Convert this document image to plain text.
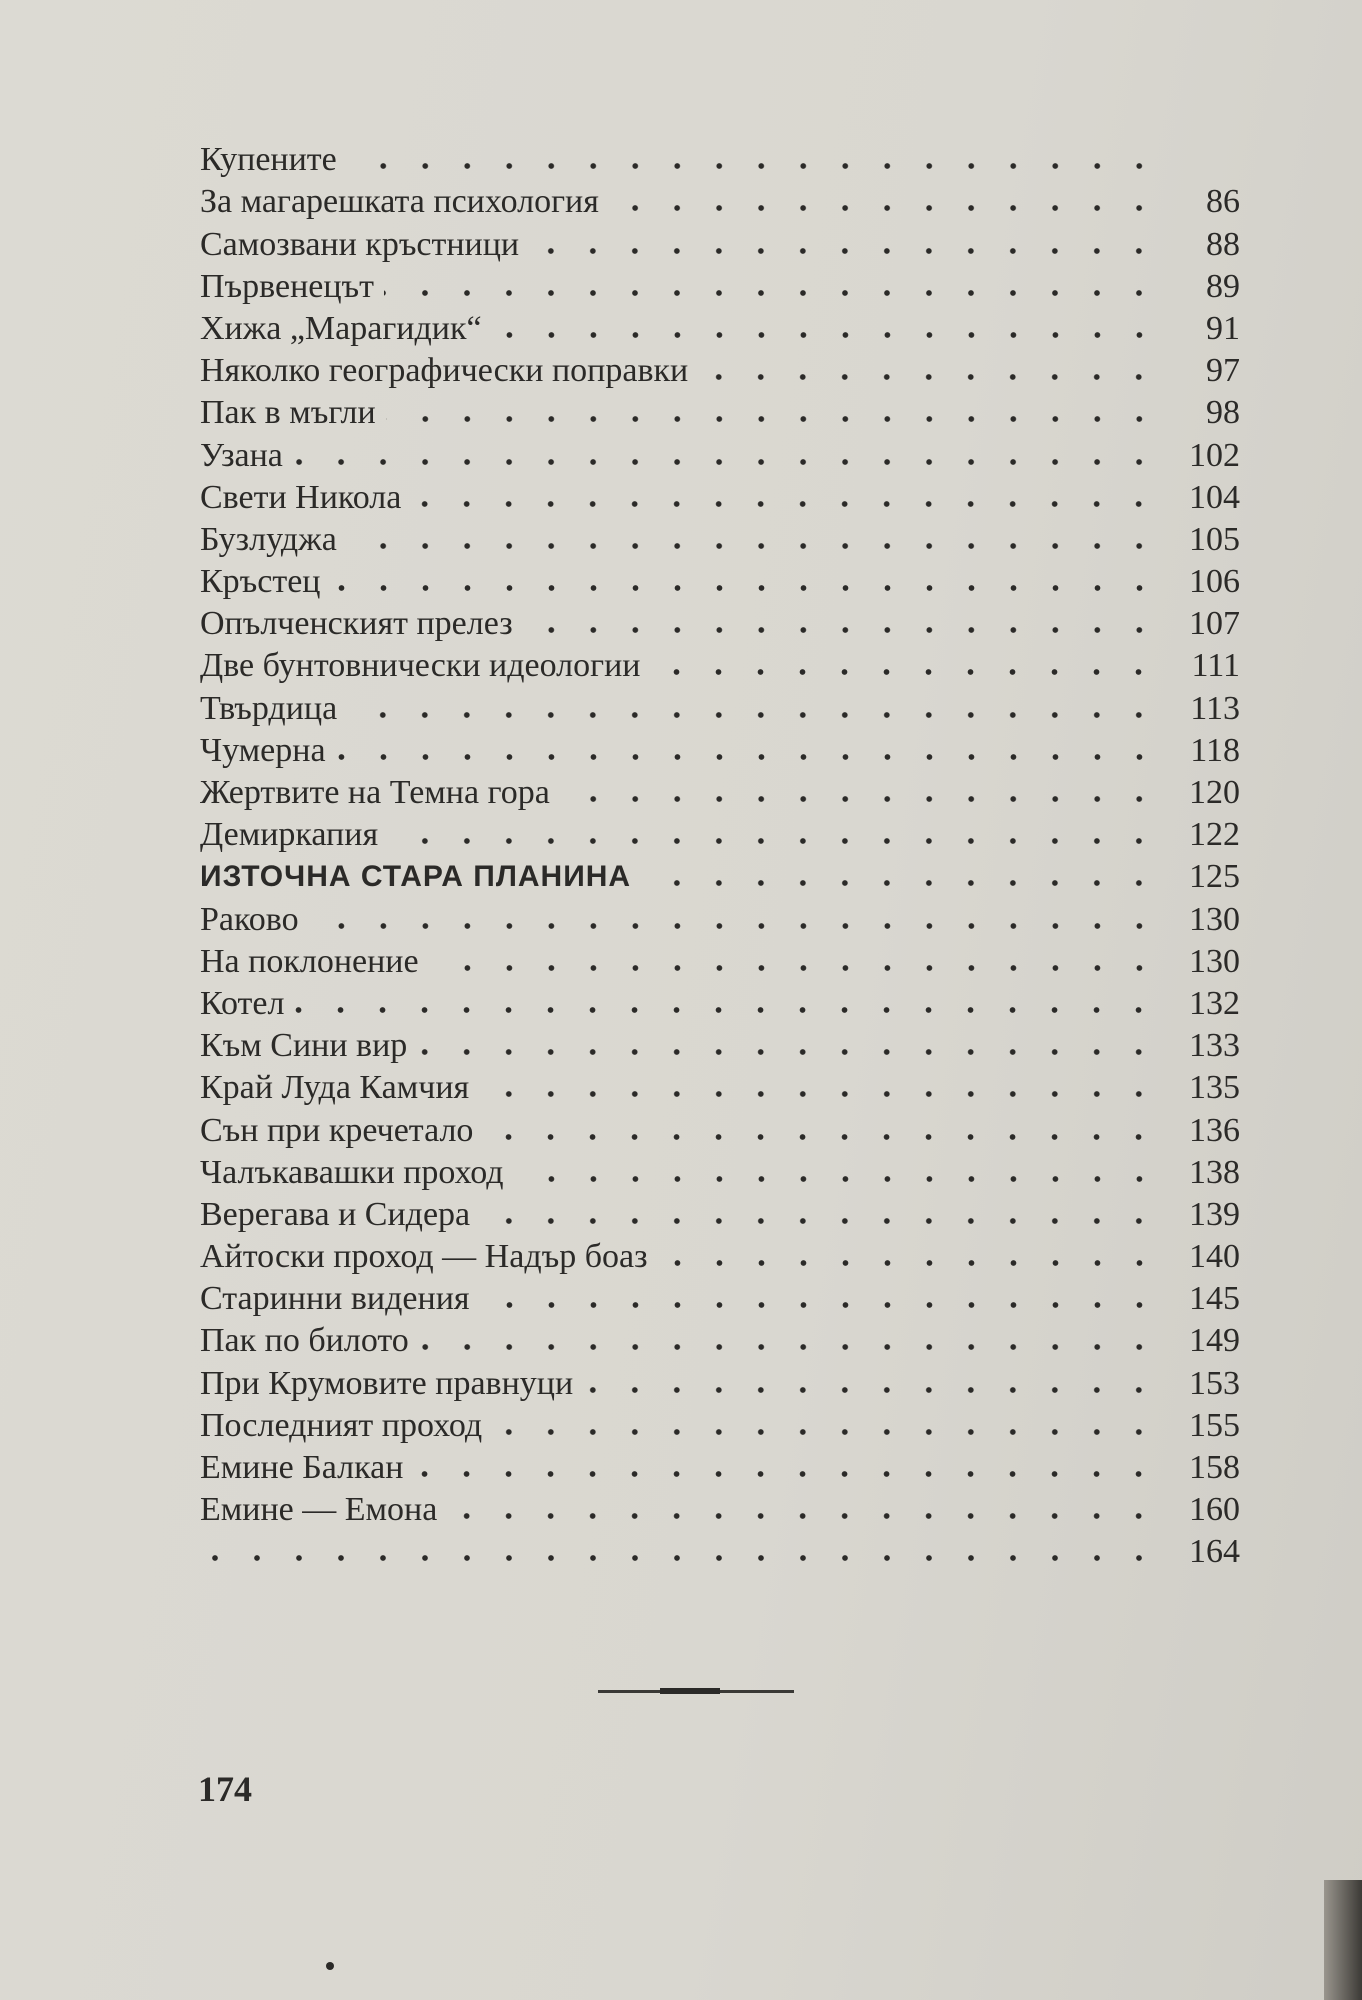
Купените
За магарешката психология	86
Самозвани кръстници	88
Първенецът	89
Хижа „Марагидик“	91
Няколко географически поправки	97
Пак в мъгли	98
Узана	102
Свети Никола	104
Бузлуджа	105
Кръстец	106
Опълченският прелез	107
Две бунтовнически идеологии	111
Твърдица	113
Чумерна	118
Жертвите на Темна гора	120
Демиркапия	122
ИЗТОЧНА СТАРА ПЛАНИНА	125
Раково	130
На поклонение	130
Котел	132
Към Сини вир	133
Край Луда Камчия	135
Сън при кречетало	136
Чалъкавашки проход	138
Верегава и Сидера	139
Айтоски проход — Надър боаз	140
Старинни видения	145
Пак по билото	149
При Крумовите правнуци	153
Последният проход	155
Емине Балкан	158
Емине — Емона	160
164
174
